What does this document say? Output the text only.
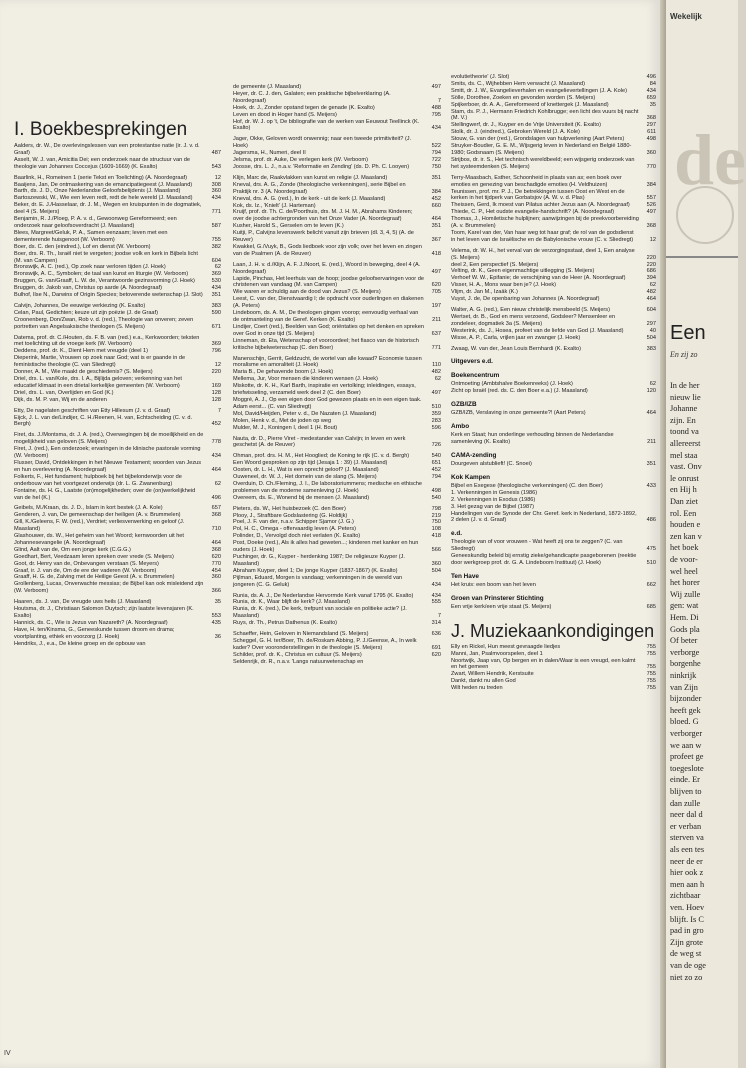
I. Boekbesprekingen
Aalders, dr. W., De overlevingslessen van een protestantse natie (ir. J. v. d. Graaf)	487
Asselt, W. J. van, Amicitia Dei; een onderzoek naar de structuur van de theologie van Johannes Coccejus (1609-1669) (K. Exalto)	543
Baarlink, H., Romeinen 1 (serie Tekst en Toelichting) (A. Noordegraaf)	12
Baaijens, Jan, De ontmaskering van de emancipatiegeest (J. Maasland)	308
Barth, ds. J. D., Onze Nederlandse Geloofsbelijdenis (J. Maasland)	360
Bartoszewski, W., Wie een leven redt, redt de hele wereld (J. Maasland)	434
Beker, dr. E. J./Hasselaar, dr. J. M., Wegen en kruispunten in de dogmatiek, deel 4 (S. Meijers)	771
Benjamin, R. J./Ploeg, P. A. v. d., Gewoonweg Gereformeerd; een onderzoek naar geloofsoverdracht (J. Maasland)	587
Blees, Margreet/Geluk, P. A., Samen eenzaam; leven met een dementerende huisgenoot (W. Verboom)	755
Boer, ds. C. den (eindred.), Lof en dienst (W. Verboom)	382
Boer, drs. R. Th., Israël niet te vergeten; joodse volk en kerk in Bijbels licht (M. van Campen)	604
Bronswijk, A. C. (red.), Op zoek naar verloren tijden (J. Hoek)	62
Bronswijk, A. C., Symbolen; de taal van kunst en liturgie (W. Verboom)	369
Bruggen, G. van/Graaff, L. W. de, Verantwoorde gezinsvorming (J. Hoek)	530
Bruggen, dr. Jakob van, Christus op aarde (A. Noordegraaf)	434
Bulhof, Ilse N., Darwins of Origin Species; betoverende wetenschap (J. Slot)	351
Calvijn, Johannes, De eeuwige verkiezing (K. Exalto)	383
Celan, Paul, Gedichten; keuze uit zijn poëzie (J. de Graaf)	590
Croonenberg, Don/Zwan, Rob v. d. (red.), Theologie van onveren; zeven portretten van Angelsaksische theologen (S. Meijers)	671
Datema, prof. dr. C./Houten, ds. F. B. van (red.) e.a., Kerkwoorden; teksten met toelichting uit de vroege kerk (W. Verboom)	369
Deddens, prof. dr. K., Dient Hem met vreugde (deel 1)	796
Dieperink, Martie, Vrouwen op zoek naar God; wat is er gaande in de feministische theologie (C. van Sliedregt)	12
Donner, A. M., Wie maakt de geschiedenis? (S. Meijers)	220
Driel, drs. L. van/Kole, drs. I. A., Bijlijda geloven; verkenning van het educatief klimaat in een drietal kerkelijke gemeenten (W. Verboom)	169
Driel, drs. L. van, Overlijden en God (K.)	128
Dijk, ds. M. P. van, Wij en de anderen	128
Etty, De nagelaten geschriften van Etty Hillesum (J. v. d. Graaf)	7
Eijck, J. L. van de/Lindijer, C. H./Reenen, H. van, Echtscheiding (C. v. d. Bergh)	452
Firet, ds. J./Montsma, dr. J. A. (red.), Overwegingen bij de moeilijkheid en de mogelijkheid van geloven (S. Meijers)	778
Firet, J. (red.), Een onderzoek; ervaringen in de klinische pastorale vorming (W. Verboom)	434
Flusser, David, Ontdekkingen in het Nieuwe Testament; woorden van Jezus en hun overlevering (A. Noordegraaf)	464
Folkerts, F., Het fundament; hulpboek bij het bijbelonderwijs voor de onderbouw van het voortgezet onderwijs (dr. L. G. Zwanenburg)	62
Fontaine, ds. H. G., Laatste (on)mogelijkheden; over de (on)werkelijkheid van de hel (K.)	496
Geibels, M./Kraan, ds. J. D., Islam in kort bestek (J. A. Kole)	657
Genderen, J. van, De gemeenschap der heiligen (A. v. Brummelen)	368
Gill, K./Geleens, F. W. (red.), Verdriet; verliesverwerking en geloof (J. Maasland)	710
Glashouwer, ds. W., Het geheim van het Woord; kernwoorden uit het Johannesevangelie (A. Noordegraaf)	464
Glind, Aalt van de, Om een jonge kerk (C.G.G.)	368
Goedhart, Bert, Veedzaam leren spreken over vrede (S. Meijers)	620
Goot, dr. Henry van de, Onbevangen verstaan (S. Meyers)	770
Graaf, ir. J. van de, Om de ere der vaderen (W. Verboom)	454
Graaff, H. G. de, Zalving met de Heilige Geest (A. v. Brummelen)	360
Grollenberg, Lucas, Onverwachte messias; de Bijbel kan ook misleidend zijn (W. Verboom)	366
Haaren, ds. J. van, De vreugde uws heils (J. Maasland)	35
Houtsma, dr. J., Christiaan Salomon Duytsch; zijn laatste levensjaren (K. Exalto)	553
Hannick, ds. C., Wie is Jezus van Nazareth? (A. Noordegraaf)	435
Have, H. ten/Kinsma, G., Geneeskunde tussen droom en drama; voortplanting, ethiek en voorzorg (J. Hoek)	36
Hendriks, J., e.a., De kleine groep en de opbouw van
de gemeente (J. Maasland)	497
Heyer, dr. C. J. den, Galaten; een praktische bijbelverklaring (A. Noordegraaf)	7
Hoek, dr. J., Zonder opstand tegen de genade (K. Exalto)	488
Leven en dood in Hoger hand (S. Meijers)	795
Hof, dr. W. J. op 't, De bibliografie van de werken van Eeuwout Teellinck (K. Exalto)	434
Jager, Okke, Geloven wordt onwennig; naar een tweede primitiviteit? (J. Hoek)	522
Jagersma, H., Numeri, deel II	794
Jelsma, prof. dr. Auke, De verlegen kerk (W. Verboom)	722
Joosse, drs. L. J., n.a.v. 'Reformatie en Zending' (ds. D. Ph. C. Looyen)	750
Klijn, Marc de, Raakvlakken van kunst en religie (J. Maasland)	351
Kneval, drs. A. G., Zonde (theologische verkenningen), serie Bijbel en Praktijk nr. 3 (A. Noordegraaf)	384
Kneval, drs. A. G. (red.), In de kerk - uit de kerk (J. Maasland)	452
Kok, ds. Iz., 'Knielt' (J. Harteman)	660
Kruijf, prof. dr. Th. C. de/Poorthuis, drs. M. J. H. M., Abrahams Kinderen; over de joodse achtergronden van het Onze Vader (A. Noordegraaf)	464
Kusher, Harold S., Gerselen om te leven (K.)	351
Kuitji, P., Calvijns levenswerk belicht vanuit zijn brieven (dl. 3, 4, 5) (A. de Reuver)	367
Kwakkel, G./Vuyk, B., Gods liedboek voor zijn volk; over het leven en zingen van de Psalmen (A. de Reuver)	418
Laan, J. H. v. d./Klijn, A. F. J./Noort, E. (red.), Woord in beweging, deel 4 (A. Noordegraaf)	497
Lapide, Pinchas, Het leerhuis van de hoop; joodse geloofservaringen voor de christenen van vandaag (M. van Campen)	620
Wie waren er schuldig aan de dood van Jezus? (S. Meijers)	705
Leest, C. van der, Dienstvaardig I; de opdracht voor ouderlingen en diakenen (A. Peters)	197
Lindeboom, ds. A. M., De theologen gingen voorop; eenvoudig verhaal van de ontmanteling van de Geref. Kerken (K. Exalto)	211
Lindijer, Coert (red.), Beelden van God; oriëntaties op het denken en spreken over God in onze tijd (S. Meijers)	637
Linneman, dr. Eta, Wetenschap of vooroordeel; het fiasco van de historisch kritische bijbelwetenschap (C. den Boer)	771
Manenschijn, Gerrit, Geldzucht, de wortel van alle kwaad? Economie tussen moralisme en amoraliteit (J. Hoek)	110
Maria B., De gehavende boom (J. Hoek)	482
Mellema, Jur, Voor mensen die kinderen wensen (J. Hoek)	62
Miskotte, dr. K. H., Karl Barth, inspiratie en vertolking; inleidingen, essays, briefwisseling, verzameld werk deel 2 (C. den Boer)	497
Moggré, A. J., Op een eigen door God gewezen plaats en in een eigen taak. Adam eerst... (C. van Sliedregt)	510
Mol, David/Heijden, Peter v. d., De Nazaten (J. Maasland)	359
Molen, Henk v. d., Met de joden op weg	283
Mulder, M. J., Koningen I, deel 1 (H. Bout)	596
Nauta, dr. D., Pierre Viret - medestander van Calvijn; in leven en werk geschetst (A. de Reuver)	726
Ohman, prof. drs. H. M., Het Hooglied; de Koning te rijk (C. v. d. Bergh)	540
Een Woord gesproken op zijn tijd (Jesaja 1 : 39) (J. Maasland)	651
Oosten, dr. L. H., Wat is een oprecht geloof? (J. Maasland)	452
Ouweneel, dr. W. J., Het domein van de slang (S. Meijers)	794
Overduin, D. Ch./Fleming, J. I., De laboratoriummens; medische en ethische problemen van de moderne samenleving (J. Hoek)	498
Overeem, ds. E., Wonend bij de mensen (J. Maasland)	540
Pieters, ds. W., Het huisbezoek (C. den Boer)	798
Plooy, J., Straftbare Godslastering (G. Holdijk)	219
Poel, J. F. van der, n.a.v. Schipper Sjamor (J. G.)	750
Pol, H. C., Omega - offervaardig leven (A. Peters)	108
Polinder, D., Vervolgd doch niet verlaten (K. Exalto)	418
Post, Doeke (red.), Als ik alles had geweten...; kinderen met kanker en hun ouders (J. Hoek)	566
Puchinger, dr. G., Kuyper - herdenking 1987; De religieuze Kuyper (J. Maasland)	360
Abraham Kuyper, deel 1; De jonge Kuyper (1837-1867) (K. Exalto)	504
Pijlman, Eduard, Morgen is vandaag; verkenningen in de wereld van jongeren (C. G. Geluk)	434
Runia, ds. A. J., De Nederlandse Hervormde Kerk vanaf 1795 (K. Exalto)	434
Runia, dr. K., Waar blijft de kerk? (J. Maasland)	555
Runia, dr. K. (red.), De kerk, trefpunt van sociale en politieke actie? (J. Maasland)	7
Ruys, dr. Th., Petrus Dathenus (K. Exalto)	314
Schaeffer, Hein, Geloven in Niemandsland (S. Meijers)	636
Scheggel, G. H. ter/Boer, Th. de/Roskam Abbing, P. J./Geense, A., In welk kader? Over vooronderstellingen in de theologie (S. Meijers)	691
Schilder, prof. dr. K., Christus en cultuur (S. Meijers)	620
Seldenrijk, dr. R., n.a.v. 'Langs natuurwetenschap en
evolutietheorie' (J. Slot)	496
Smits, ds. C., Wijhebben Hem verwacht (J. Maasland)	84
Smitt, dr. J. W., Evangelieverhalen en evangelievertellingen (J. A. Kole)	434
Sölle, Dorothee, Zoeken en gevonden worden (S. Meijers)	659
Spijkerboer, dr. A. A., Gereformeerd of knettergek (J. Maasland)	35
Stam, ds. P. J., Hermann Friedrich Kohlbrugge; een licht des vuurs bij nacht (M. V.)	368
Stellingwerf, dr. J., Kuyper en de Vrije Universiteit (K. Exalto)	297
Stolk, dr. J. (eindred.), Gebroken Wereld (J. A. Kole)	611
Stouw, G. van der (red.), Grondslagen van hulpverlening (Aart Peters)	498
Struyker-Boudier, G. E. M., Wijsgerig leven in Nederland en België 1880-1980; Godsnaam (S. Meijers)	360
Strijbos, dr. ir. S., Het technisch wereldbeeld; een wijsgerig onderzoek van het systeemdenken (S. Meijers)	770
Terry-Maasbach, Esther, Schoonheid in plaats van as; een boek over emoties en genezing van beschadigde emoties (H. Veldhuizen)	384
Teunissen, prof. mr. P. J., De betrekkingen tussen Oost en West en de kerken in het tijdperk van Gorbatsjov (A. W. v. d. Plas)	557
Theissen, Gerd, Ik moest van Pilatus achter Jezus aan (A. Noordegraaf)	526
Thiede, C. P., Het oudste evangelie-handschrift? (A. Noordegraaf)	497
Thomas, J., Homiletische hulplijnen; aanwijzingen bij de preekvoorbereiding (A. v. Brummelen)	368
Toom, Karel van der, Van haar weg tot haar graf; de rol van de godsdienst in het leven van de Israëlische en de Babylonische vrouw (C. v. Sliedregt)	12
Velema, dr. W. H., het verval van de verzorgingsstaat, deel 1, Een analyse (S. Meijers)	220
deel 2, Een perspectief (S. Meijers)	220
Velting, dr. K., Geen eigenmachtige uitlegging (S. Meijers)	686
Verhoef W. W., Epifanie; de verschijning van de Heer (A. Noordegraaf)	394
Visser, H. A., Mons waar ben je? (J. Hoek)	62
Vlijm, dr. Jan M., Izaäk (K.)	482
Vuyst, J. de, De openbaring van Johannes (A. Noordegraaf)	464
Walter, A. G. (red.), Een nieuw christelijk mensbeeld (S. Meijers)	604
Wertset, dr. B., God en mens verzoend, Godsleer? Mensenleer en zondeleer, dogmatiek 3a (S. Meijers)	297
Westerink, ds. J., Hosea, profeet van de liefde van God (J. Maasland)	40
Wisse, A. P., Carla, vrijlen jaar en zwanger (J. Hoek)	504
Zwaag, W. van der, Jean Louis Bernhardi (K. Exalto)	383
Uitgevers e.d.
Boekencentrum
Ontmoeting (Ambtshalve Boekenreeks) (J. Hoek)	62
Zicht op Israël (red. ds. C. den Boer e.a.) (J. Maasland)	120
GZB/IZB
GZB/IZB, Verslaving in onze gemeente?! (Aart Peters)	464
Ambo
Kerk en Staat; hun onderlinge verhouding binnen de Nederlandse samenleving (K. Exalto)	211
CAMA-zending
Dourgeven alstublieft! (C. Snoei)	351
Kok Kampen
Bijbel en Exegese (theologische verkenningen) (C. den Boer)	433
1. Verkenningen in Genesis (1986)
2. Verkenningen in Exodus (1986)
3. Het gezag van de Bijbel (1987)
Handelingen van de Synode der Chr. Geref. kerk in Nederland, 1872-1892, 2 delen (J. v. d. Graaf)	486
e.d.
Theologie van of voor vrouwen - Wat heeft zij ons te zeggen? (C. van Sliedregt)	475
Geneeskundig beleid bij ernstig zieke/gehandicapte pasgeborenen (reektie door werkgroep prof. dr. G. A. Lindeboom Instituut) (J. Hoek)	510
Ten Have
Het kruis: een boom van het leven	662
Groen van Prinsterer Stichting
Een vrije kerk/een vrije staat (S. Meijers)	685
J. Muziekaankondigingen
Elly en Rickel, Hun meest gevraagde liedjes	755
Manni, Jan, Psalmvoorspelen, deel 1	755
Noortwijk, Jaap van, Op bergen en in dalen/Waar is een vreugd, een kalmt en het gemeen	755
Zwart, Willem Hendrik, Kerstsuite	755
Dankt, dankt nu allen God	755
Wilt heden nu treden	755
IV
Wekelijk
de
Een
En zij zo
In de her
nieuw lie
Johanne
zijn. En
toond va
allereerst
mel staa
vast. Onv
le onrust
en Hij h
Dan ziet
rol. Een
houden e
zen kan v
het boek
de voor-
wel heel
het horer
Wij zulle
gen: wat
Hem. Di
Gods pla
Of beter
verborge
borgenhe
ninkrijk
van Zijn
bijzonder
heeft gek
bloed. G
verborger
we aan w
profeet ge
toegeslote
einde. Er
blijven to
dan zulle
neer dal d
er verban
sterven va
als een tes
neer de er
hier ook z
men aan h
zichtbaar
ven. Hoev
blijft. Is C
pad in gro
Zijn grote
de weg st
van de oge
niet zo zo
